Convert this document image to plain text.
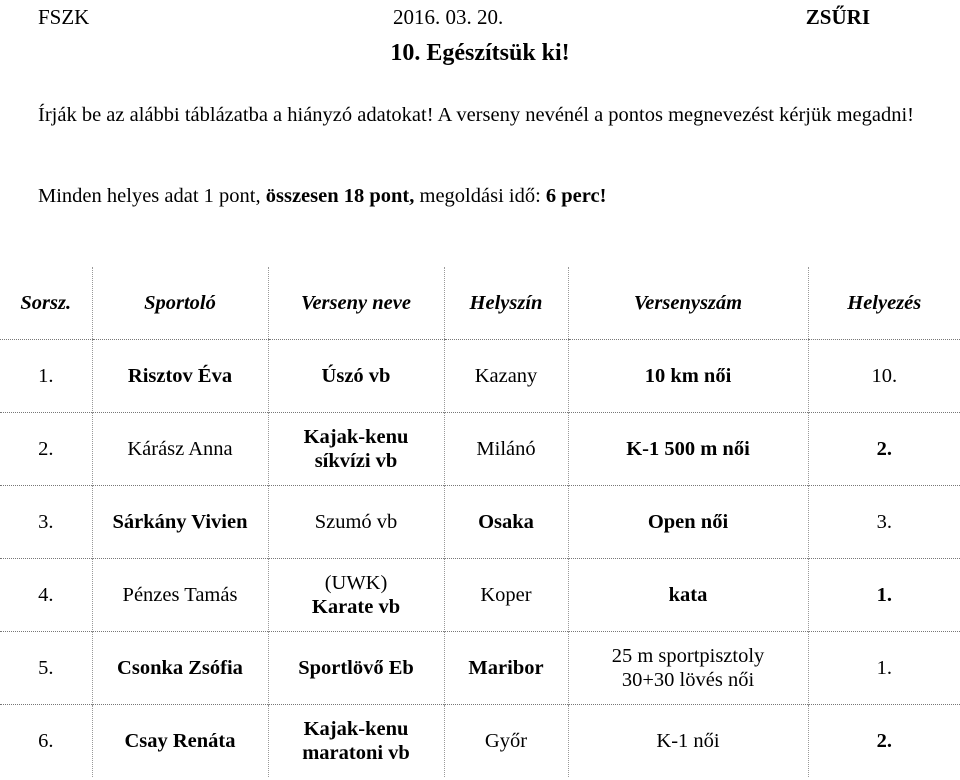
FSZK	2016. 03. 20.	ZSŰRI
10. Egészítsük ki!
Írják be az alábbi táblázatba a hiányzó adatokat! A verseny nevénél a pontos megnevezést kérjük megadni!
Minden helyes adat 1 pont, összesen 18 pont, megoldási idő: 6 perc!
Sorsz.	Sportoló	Verseny neve	Helyszín	Versenyszám	Helyezés
1.	Risztov Éva	Úszó vb	Kazany	10 km női	10.
2.	Kárász Anna	Kajak-kenu
síkvízi vb	Milánó	K-1 500 m női	2.
3.	Sárkány Vivien	Szumó vb	Osaka	Open női	3.
4.	Pénzes Tamás	(UWK)
Karate vb	Koper	kata	1.
5.	Csonka Zsófia	Sportlövő Eb	Maribor	25 m sportpisztoly
30+30 lövés női	1.
6.	Csay Renáta	Kajak-kenu
maratoni vb	Győr	K-1 női	2.
